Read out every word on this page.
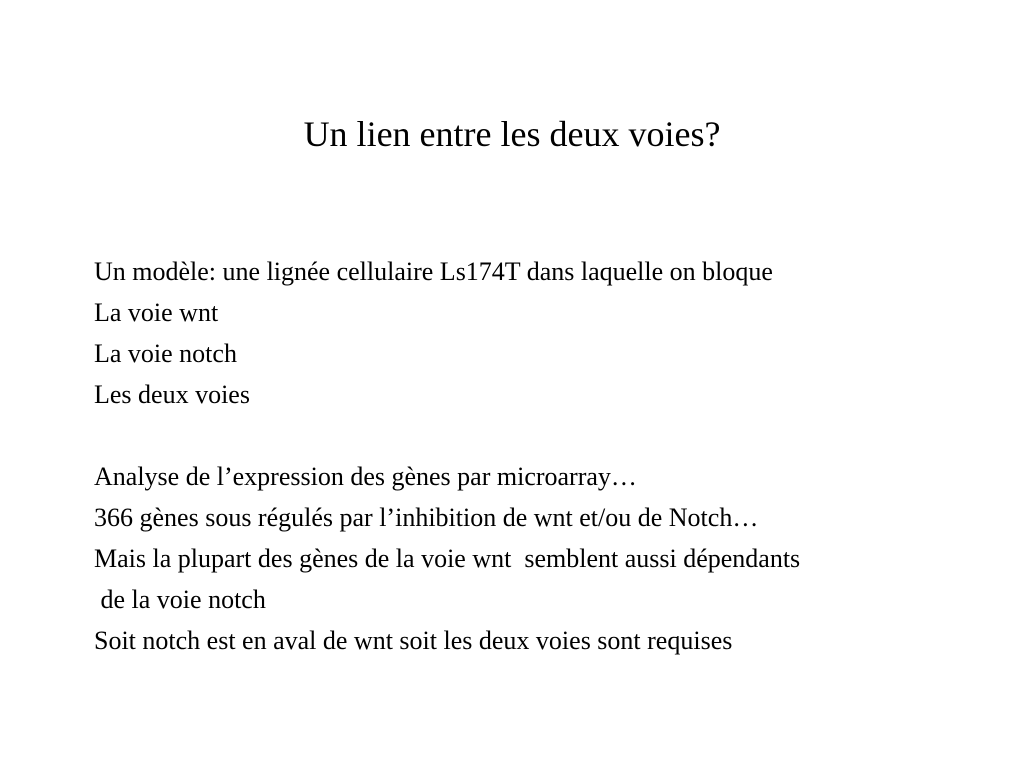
Un lien entre les deux voies?
Un modèle: une lignée cellulaire Ls174T dans laquelle on bloque
La voie wnt
La voie notch
Les deux voies
Analyse de l’expression des gènes par microarray…
366 gènes sous régulés par l’inhibition de wnt et/ou de Notch…
Mais la plupart des gènes de la voie wnt  semblent aussi dépendants
de la voie notch
Soit notch est en aval de wnt soit les deux voies sont requises
